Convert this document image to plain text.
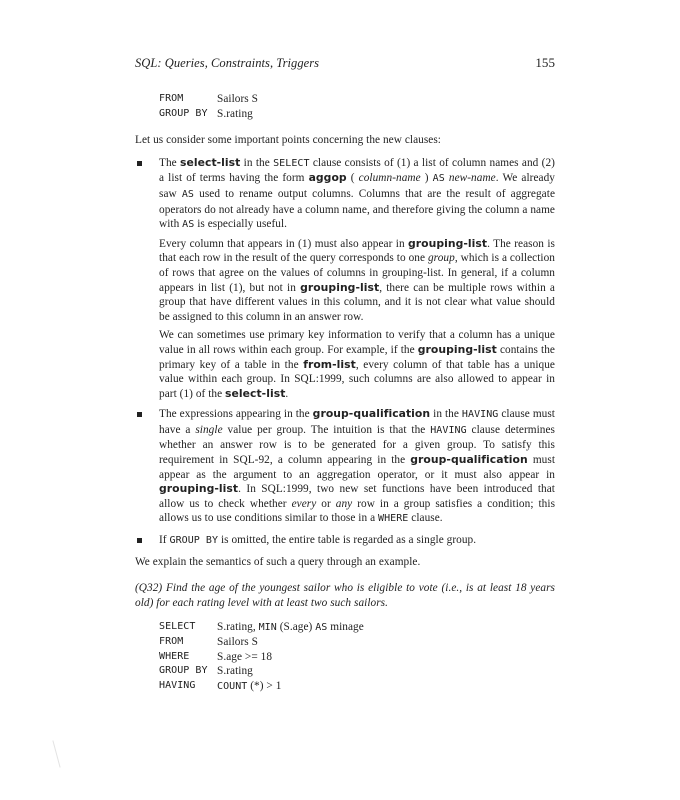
SQL: Queries, Constraints, Triggers	155
FROM	Sailors S
GROUP BY S.rating

Let us consider some important points concerning the new clauses:

The select-list in the SELECT clause consists of (1) a list of column names and (2) a list of terms having the form aggop ( column-name ) AS new-name. We already saw AS used to rename output columns. Columns that are the result of aggregate operators do not already have a column name, and therefore giving the column a name with AS is especially useful.

Every column that appears in (1) must also appear in grouping-list. The reason is that each row in the result of the query corresponds to one group, which is a collection of rows that agree on the values of columns in grouping-list. In general, if a column appears in list (1), but not in grouping-list, there can be multiple rows within a group that have different values in this column, and it is not clear what value should be assigned to this column in an answer row.

We can sometimes use primary key information to verify that a column has a unique value in all rows within each group. For example, if the grouping-list contains the primary key of a table in the from-list, every column of that table has a unique value within each group. In SQL:1999, such columns are also allowed to appear in part (1) of the select-list.

The expressions appearing in the group-qualification in the HAVING clause must have a single value per group. The intuition is that the HAVING clause determines whether an answer row is to be generated for a given group. To satisfy this requirement in SQL-92, a column appearing in the group-qualification must appear as the argument to an aggregation operator, or it must also appear in grouping-list. In SQL:1999, two new set functions have been introduced that allow us to check whether every or any row in a group satisfies a condition; this allows us to use conditions similar to those in a WHERE clause.

If GROUP BY is omitted, the entire table is regarded as a single group.

We explain the semantics of such a query through an example.

(Q32) Find the age of the youngest sailor who is eligible to vote (i.e., is at least 18 years old) for each rating level with at least two such sailors.

SELECT	S.rating, MIN (S.age) AS minage
FROM	Sailors S
WHERE	S.age >= 18
GROUP BY S.rating
HAVING	COUNT (*) > 1
